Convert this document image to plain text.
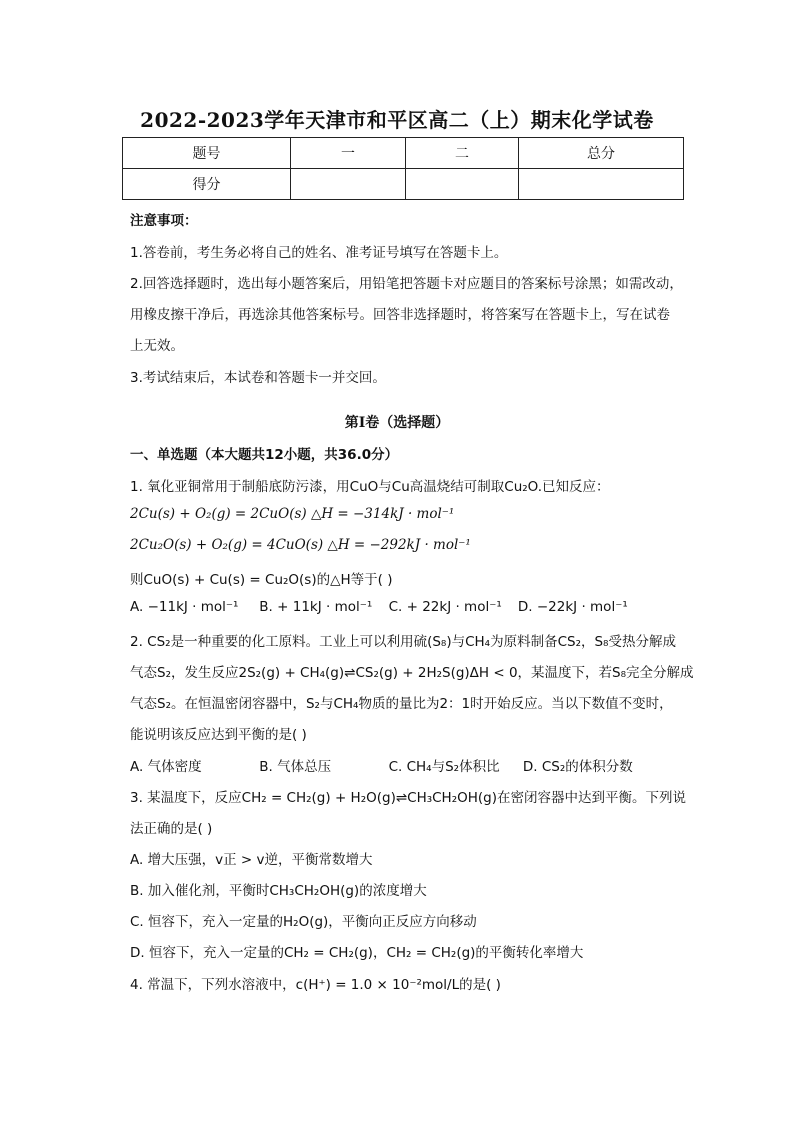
2022-2023学年天津市和平区高二（上）期末化学试卷
题号	一	二	总分
得分			
注意事项：
1.答卷前，考生务必将自己的姓名、准考证号填写在答题卡上。
2.回答选择题时，选出每小题答案后，用铅笔把答题卡对应题目的答案标号涂黑；如需改动，
用橡皮擦干净后，再选涂其他答案标号。回答非选择题时，将答案写在答题卡上，写在试卷
上无效。
3.考试结束后，本试卷和答题卡一并交回。
第Ⅰ卷（选择题）
一、单选题（本大题共12小题，共36.0分）
1. 氧化亚铜常用于制船底防污漆，用CuO与Cu高温烧结可制取Cu₂O.已知反应：
2Cu(s) + O₂(g) = 2CuO(s) △H = −314kJ · mol⁻¹
2Cu₂O(s) + O₂(g) = 4CuO(s) △H = −292kJ · mol⁻¹
则CuO(s) + Cu(s) = Cu₂O(s)的△H等于( )
A. −11kJ · mol⁻¹ B. + 11kJ · mol⁻¹ C. + 22kJ · mol⁻¹ D. −22kJ · mol⁻¹
2. CS₂是一种重要的化工原料。工业上可以利用硫(S₈)与CH₄为原料制备CS₂，S₈受热分解成
气态S₂，发生反应2S₂(g) + CH₄(g)⇌CS₂(g) + 2H₂S(g)ΔH < 0，某温度下，若S₈完全分解成
气态S₂。在恒温密闭容器中，S₂与CH₄物质的量比为2：1时开始反应。当以下数值不变时，
能说明该反应达到平衡的是( )
A. 气体密度	B. 气体总压	C. CH₄与S₂体积比 D. CS₂的体积分数
3. 某温度下，反应CH₂ = CH₂(g) + H₂O(g)⇌CH₃CH₂OH(g)在密闭容器中达到平衡。下列说
法正确的是( )
A. 增大压强，v正 > v逆，平衡常数增大
B. 加入催化剂，平衡时CH₃CH₂OH(g)的浓度增大
C. 恒容下，充入一定量的H₂O(g)，平衡向正反应方向移动
D. 恒容下，充入一定量的CH₂ = CH₂(g)，CH₂ = CH₂(g)的平衡转化率增大
4. 常温下，下列水溶液中，c(H⁺) = 1.0 × 10⁻²mol/L的是( )
